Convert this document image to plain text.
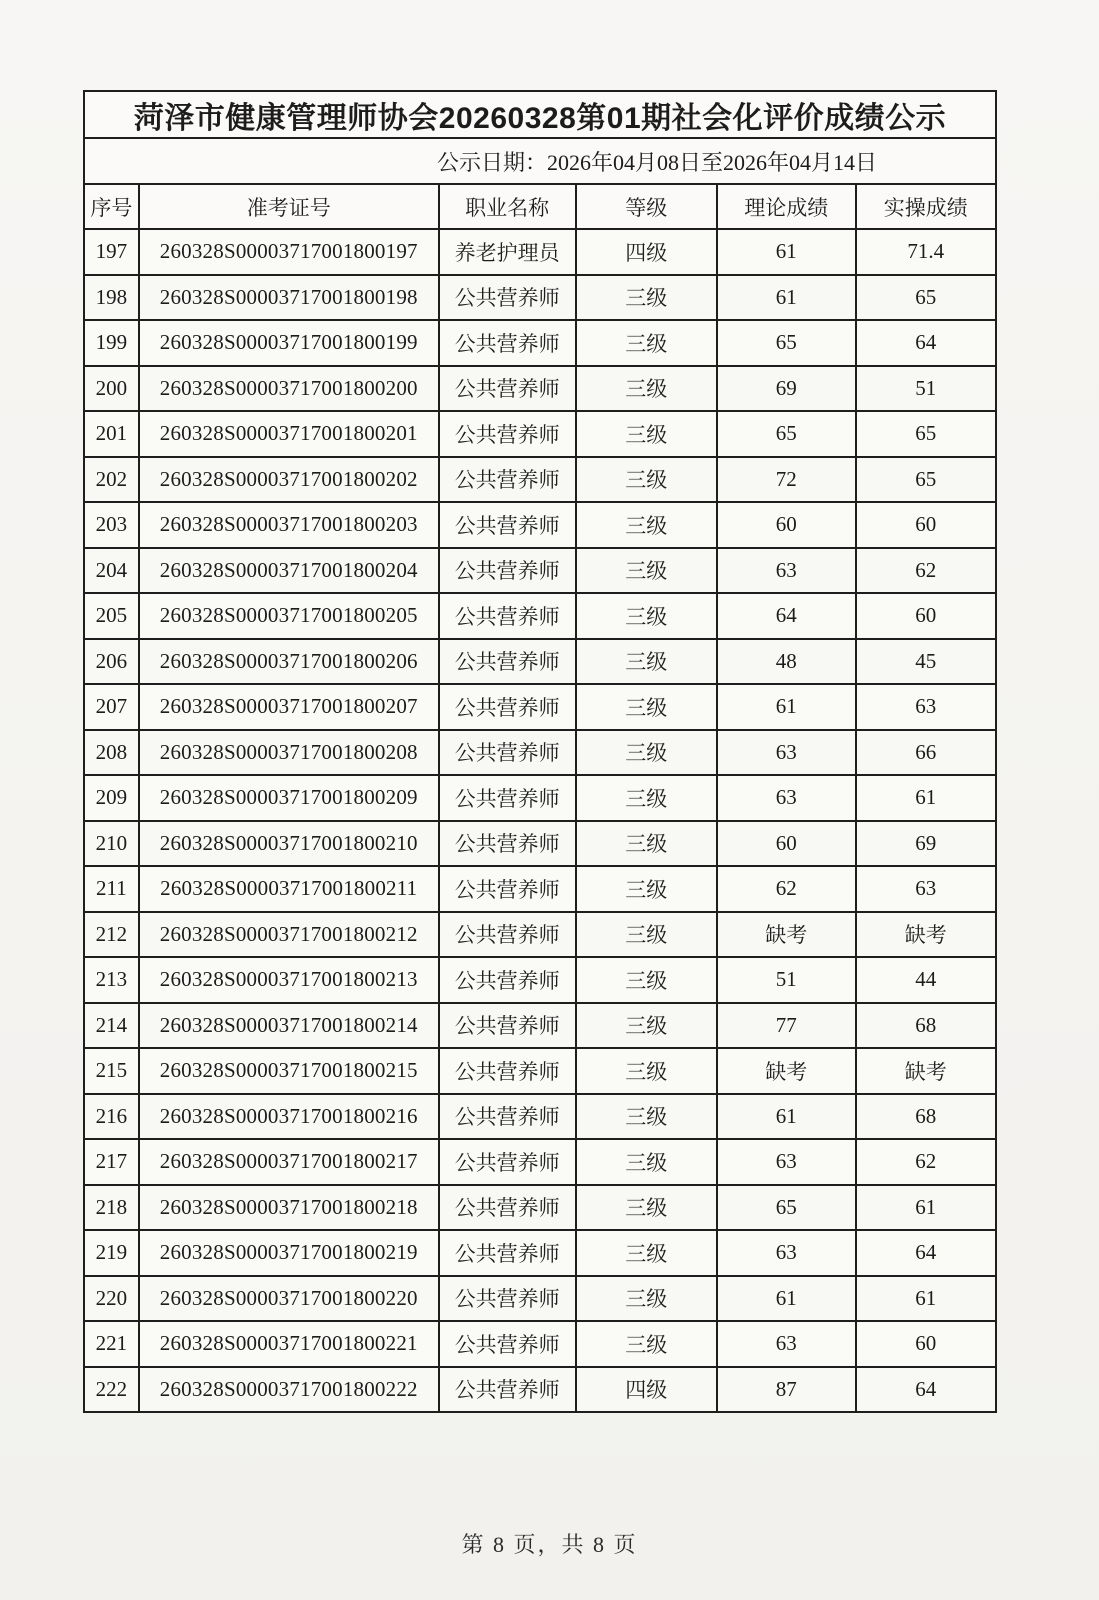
菏泽市健康管理师协会20260328第01期社会化评价成绩公示					
公示日期：2026年04月08日至2026年04月14日					
序号	准考证号	职业名称	等级	理论成绩	实操成绩
197	260328S00003717001800197	养老护理员	四级	61	71.4
198	260328S00003717001800198	公共营养师	三级	61	65
199	260328S00003717001800199	公共营养师	三级	65	64
200	260328S00003717001800200	公共营养师	三级	69	51
201	260328S00003717001800201	公共营养师	三级	65	65
202	260328S00003717001800202	公共营养师	三级	72	65
203	260328S00003717001800203	公共营养师	三级	60	60
204	260328S00003717001800204	公共营养师	三级	63	62
205	260328S00003717001800205	公共营养师	三级	64	60
206	260328S00003717001800206	公共营养师	三级	48	45
207	260328S00003717001800207	公共营养师	三级	61	63
208	260328S00003717001800208	公共营养师	三级	63	66
209	260328S00003717001800209	公共营养师	三级	63	61
210	260328S00003717001800210	公共营养师	三级	60	69
211	260328S00003717001800211	公共营养师	三级	62	63
212	260328S00003717001800212	公共营养师	三级	缺考	缺考
213	260328S00003717001800213	公共营养师	三级	51	44
214	260328S00003717001800214	公共营养师	三级	77	68
215	260328S00003717001800215	公共营养师	三级	缺考	缺考
216	260328S00003717001800216	公共营养师	三级	61	68
217	260328S00003717001800217	公共营养师	三级	63	62
218	260328S00003717001800218	公共营养师	三级	65	61
219	260328S00003717001800219	公共营养师	三级	63	64
220	260328S00003717001800220	公共营养师	三级	61	61
221	260328S00003717001800221	公共营养师	三级	63	60
222	260328S00003717001800222	公共营养师	四级	87	64
第 8 页，共 8 页
